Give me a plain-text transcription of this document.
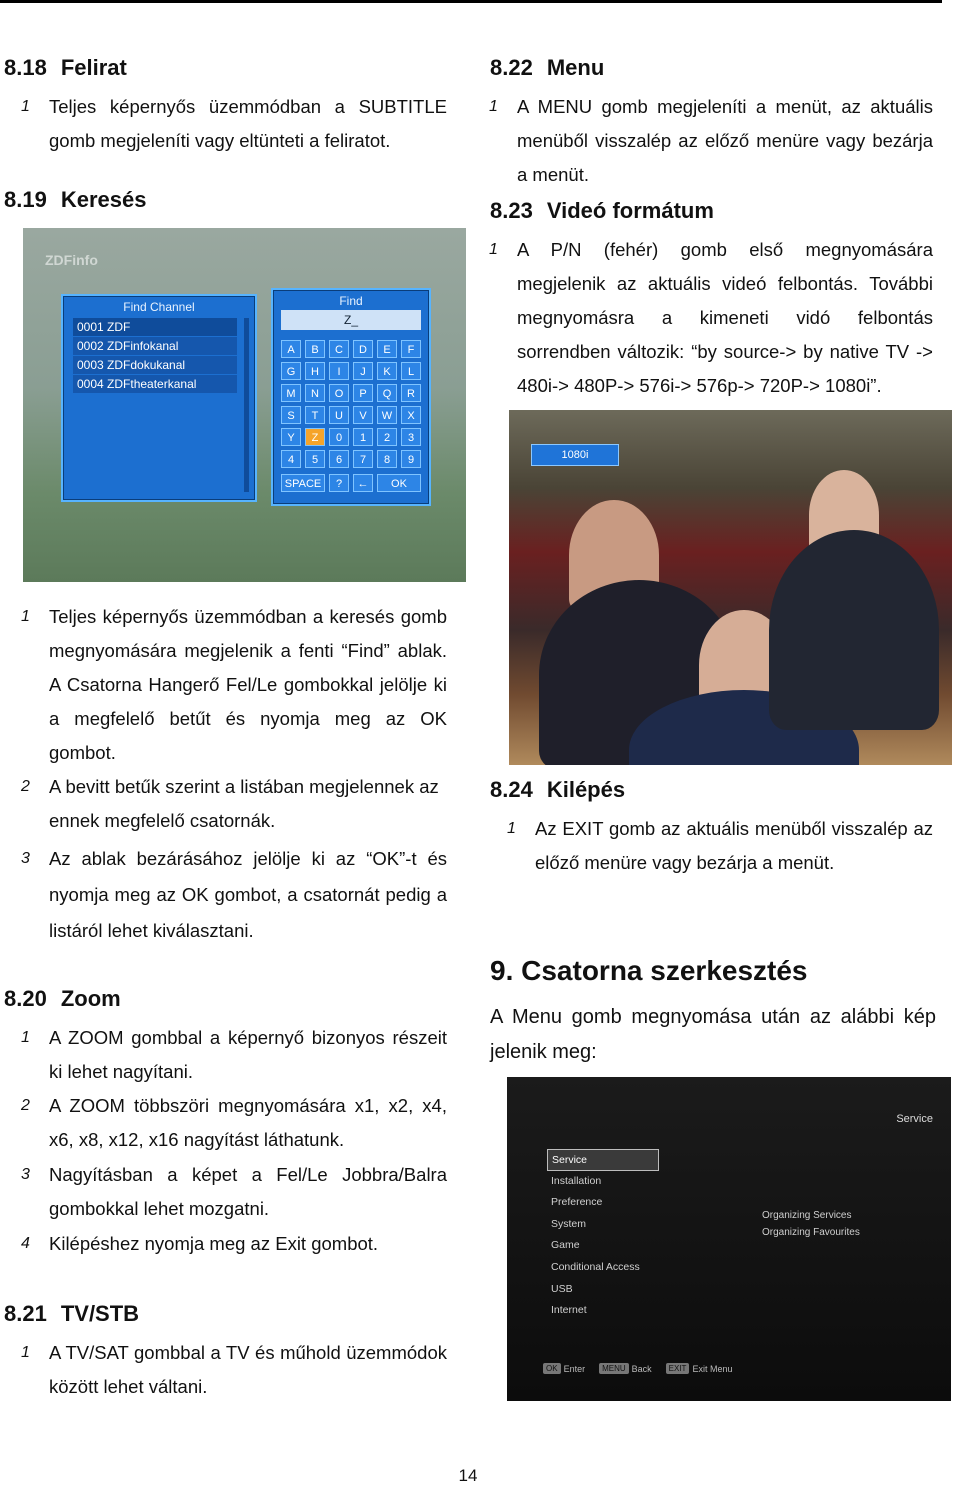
8.18 Felirat
1 Teljes képernyős üzemmódban a SUBTITLE gomb megjeleníti vagy eltünteti a feliratot.

8.19 Keresés
ZDFinfo
Find Channel
0001 ZDF
0002 ZDFinfokanal
0003 ZDFdokukanal
0004 ZDFtheaterkanal
Find
Z_
A	B	C	D	E	F
G	H	I	J	K	L
M	N	O	P	Q	R
S	T	U	V	W	X
Y	Z	0	1	2	3
4	5	6	7	8	9
SPACE	?	←	OK
1 Teljes képernyős üzemmódban a keresés gomb megnyomására megjelenik a fenti “Find” ablak. A Csatorna Hangerő Fel/Le gombokkal jelölje ki a megfelelő betűt és nyomja meg az OK gombot.

2 A bevitt betűk szerint a listában megjelennek az ennek megfelelő csatornák.

3 Az ablak bezárásához jelölje ki az “OK”-t és nyomja meg az OK gombot, a csatornát pedig a listáról lehet kiválasztani.

8.20 Zoom
1 A ZOOM gombbal a képernyő bizonyos részeit ki lehet nagyítani.

2 A ZOOM többszöri megnyomására x1, x2, x4, x6, x8, x12, x16 nagyítást láthatunk.

3 Nagyításban a képet a Fel/Le Jobbra/Balra gombokkal lehet mozgatni.

4 Kilépéshez nyomja meg az Exit gombot.

8.21 TV/STB
1 A TV/SAT gombbal a TV és műhold üzemmódok között lehet váltani.

8.22 Menu
1 A MENU gomb megjeleníti a menüt, az aktuális menüből visszalép az előző menüre vagy bezárja a menüt.

8.23 Videó formátum
1 A P/N (fehér) gomb első megnyomására megjelenik az aktuális videó felbontás. További megnyomásra a kimeneti vidó felbontás sorrendben változik: “by source-> by native TV -> 480i-> 480P-> 576i-> 576p-> 720P-> 1080i”.

1080i
8.24 Kilépés
1 Az EXIT gomb az aktuális menüből visszalép az előző menüre vagy bezárja a menüt.

9. Csatorna szerkesztés

A Menu gomb megnyomása után az alábbi kép jelenik meg:

Service
Service
Installation
Preference
System
Game
Conditional Access
USB
Internet
Organizing Services
Organizing Favourites
OK Enter	MENU Back	EXIT Exit Menu
14
